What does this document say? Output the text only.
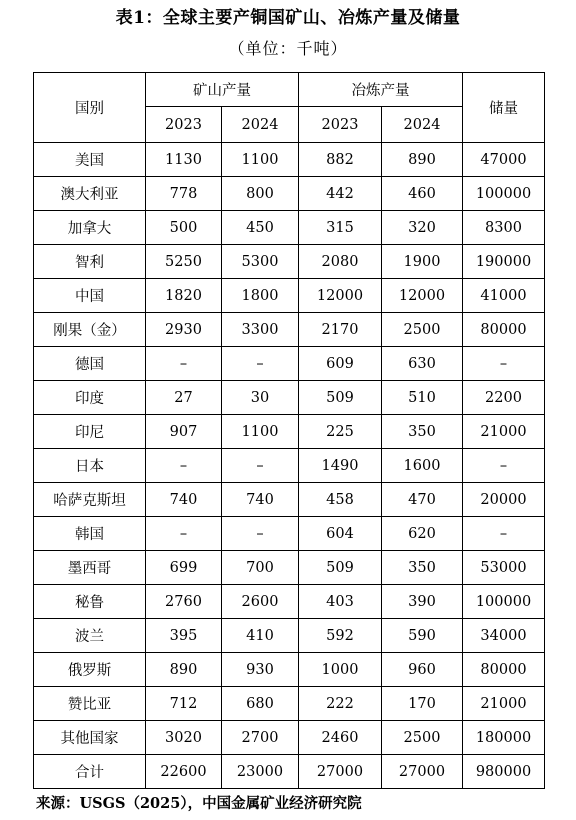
表1：全球主要产铜国矿山、冶炼产量及储量
（单位：千吨）
国别	矿山产量		冶炼产量		储量
	2023	2024	2023	2024	
美国	1130	1100	882	890	47000
澳大利亚	778	800	442	460	100000
加拿大	500	450	315	320	8300
智利	5250	5300	2080	1900	190000
中国	1820	1800	12000	12000	41000
刚果（金）	2930	3300	2170	2500	80000
德国	–	–	609	630	–
印度	27	30	509	510	2200
印尼	907	1100	225	350	21000
日本	–	–	1490	1600	–
哈萨克斯坦	740	740	458	470	20000
韩国	–	–	604	620	–
墨西哥	699	700	509	350	53000
秘鲁	2760	2600	403	390	100000
波兰	395	410	592	590	34000
俄罗斯	890	930	1000	960	80000
赞比亚	712	680	222	170	21000
其他国家	3020	2700	2460	2500	180000
合计	22600	23000	27000	27000	980000
来源：USGS（2025），中国金属矿业经济研究院
